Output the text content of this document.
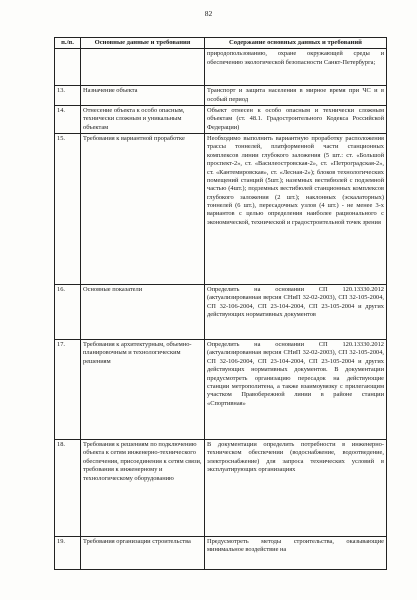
82
п./п.	Основные данные и требования	Содержание основных данных и требований
		природопользованию, охране окружающей среды и обеспечению экологической безопасности Санкт-Петербурга;
13.	Назначение объекта	Транспорт и защита населения в мирное время при ЧС и в особый период
14.	Отнесение объекта к особо опасным, технически сложным и уникальным объектам	Объект отнесен к особо опасным и технически сложным объектам (ст. 48.1. Градостроительного Кодекса Российской Федерации)
15.	Требования к вариантной проработке	Необходимо выполнить вариантную проработку расположения трассы тоннелей, платформенной части станционных комплексов линии глубокого заложения (5 шт.: ст. «Большой проспект-2», ст. «Василеостровская-2», ст. «Петроградская-2», ст. «Кантемировская», ст. «Лесная-2»); блоков технологических помещений станций (5шт.); наземных вестибюлей с подземной частью (4шт.); подземных вестибюлей станционных комплексов глубокого заложения (2 шт.); наклонных (эскалаторных) тоннелей (6 шт.), пересадочных узлов (4 шт.) - не менее 3-х вариантов с целью определения наиболее рационального с экономической, технической и градостроительной точек зрения
16.	Основные показатели	Определить на основании СП 120.13330.2012 (актуализированная версия СНиП 32-02-2003), СП 32-105-2004, СП 32-106-2004, СП 23-104-2004, СП 23-105-2004 и других действующих нормативных документов
17.	Требования к архитектурным, объемно-планировочным и технологическим решениям	Определить на основании СП 120.13330.2012 (актуализированная версия СНиП 32-02-2003), СП 32-105-2004, СП 32-106-2004, СП 23-104-2004, СП 23-105-2004 и других действующих нормативных документов. В документации предусмотреть организацию пересадок на действующие станции метрополитена, а также взаимоувязку с прилегающим участком Правобережной линии в районе станции «Спортивная»
18.	Требования к решениям по подключению объекта к сетям инженерно-технического обеспечения, присоединения к сетям связи, требования к инженерному и технологическому оборудованию	В документации определить потребности в инженерно-техническом обеспечении (водоснабжение, водоотведение, электроснабжение) для запроса технических условий в эксплуатирующих организациях
19.	Требования организации строительства	Предусмотреть методы строительства, оказывающие минимальное воздействие на
